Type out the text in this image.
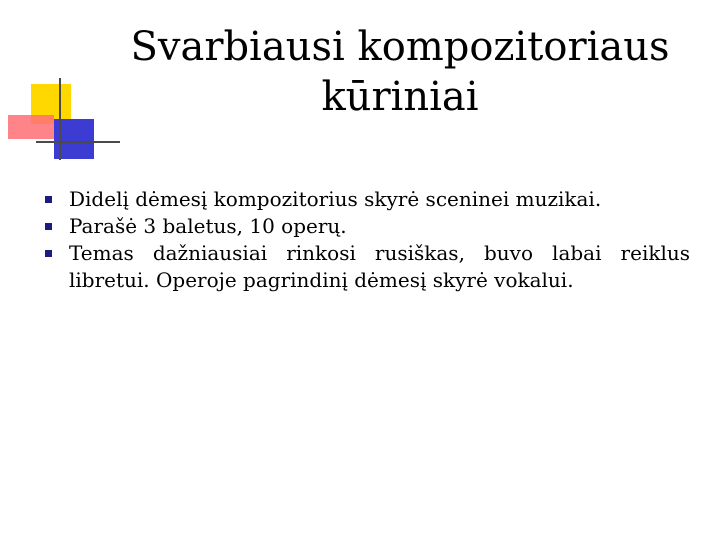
Svarbiausi kompozitoriaus
kūriniai
Didelį dėmesį kompozitorius skyrė sceninei muzikai.
Parašė 3 baletus, 10 operų.
Temas dažniausiai rinkosi rusiškas, buvo labai reiklus libretui. Operoje pagrindinį dėmesį skyrė vokalui.
